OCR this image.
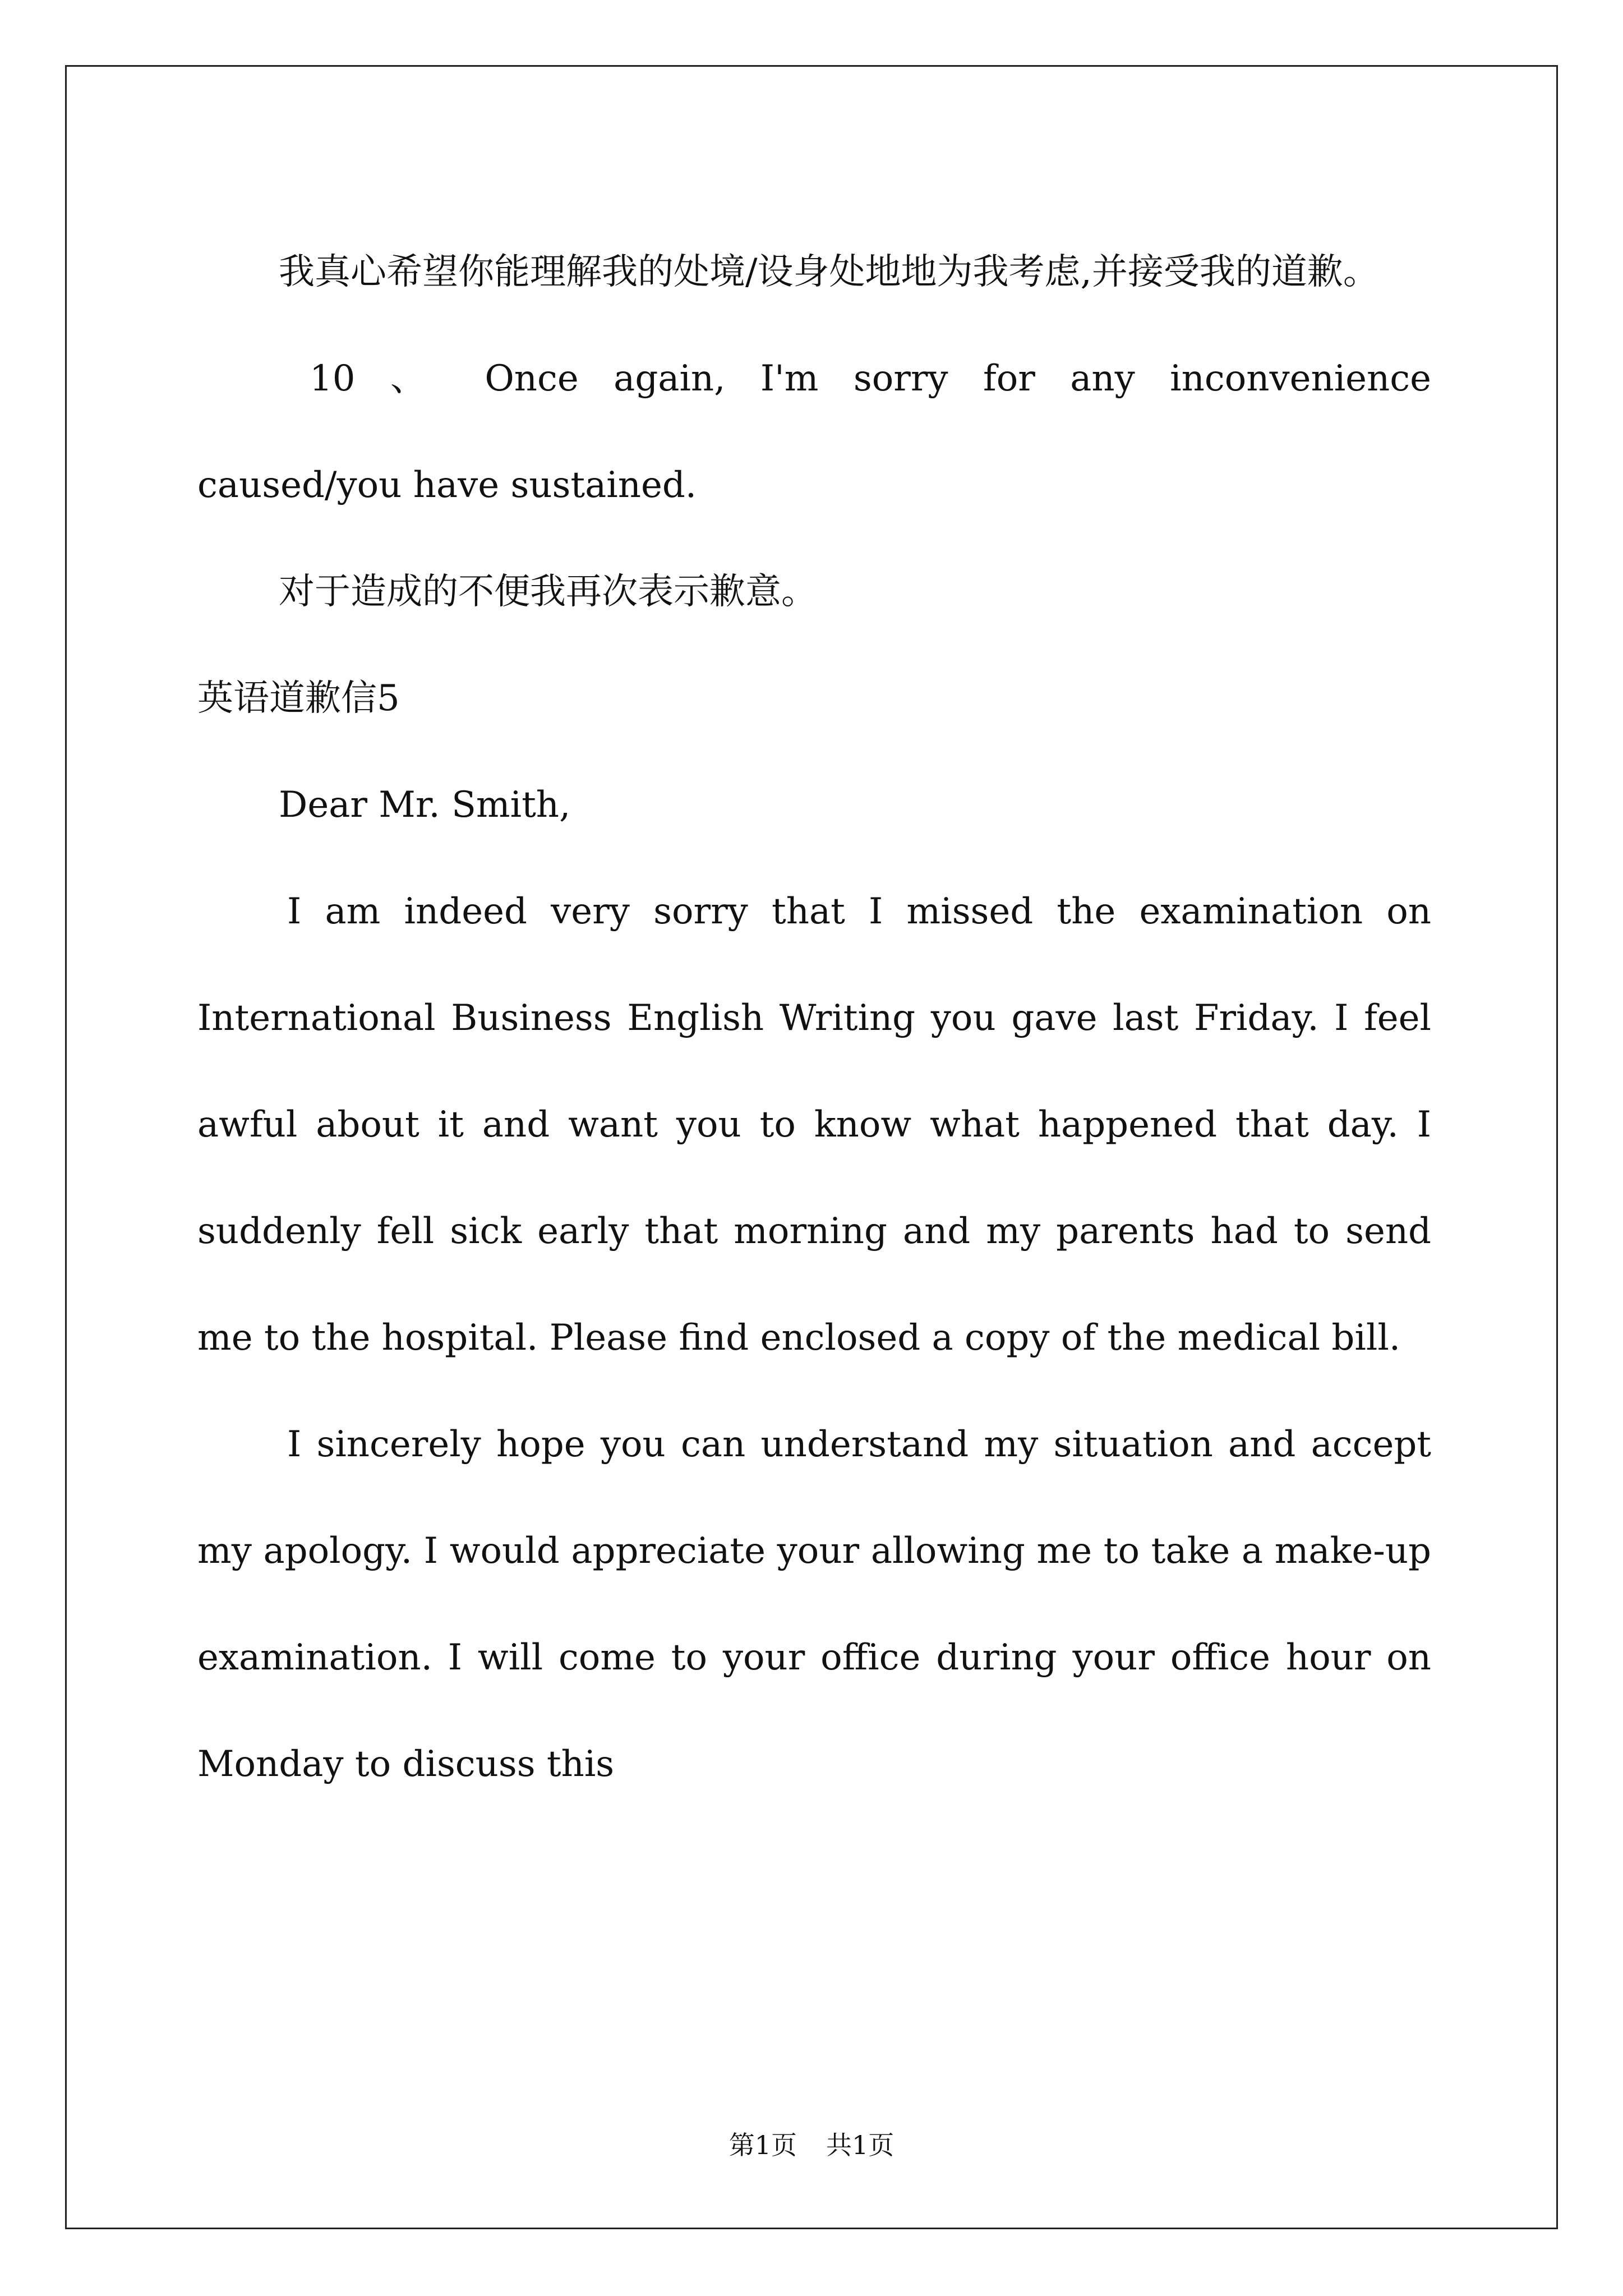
我真心希望你能理解我的处境/设身处地地为我考虑,并接受我的道歉。

10 、 Once again, I'm sorry for any inconvenience caused/you have sustained.

对于造成的不便我再次表示歉意。

英语道歉信5

Dear Mr. Smith,

I am indeed very sorry that I missed the examination on International Business English Writing you gave last Friday. I feel awful about it and want you to know what happened that day. I suddenly fell sick early that morning and my parents had to send me to the hospital. Please find enclosed a copy of the medical bill.

I sincerely hope you can understand my situation and accept my apology. I would appreciate your allowing me to take a make-up examination. I will come to your office during your office hour on Monday to discuss this

第1页 共1页
